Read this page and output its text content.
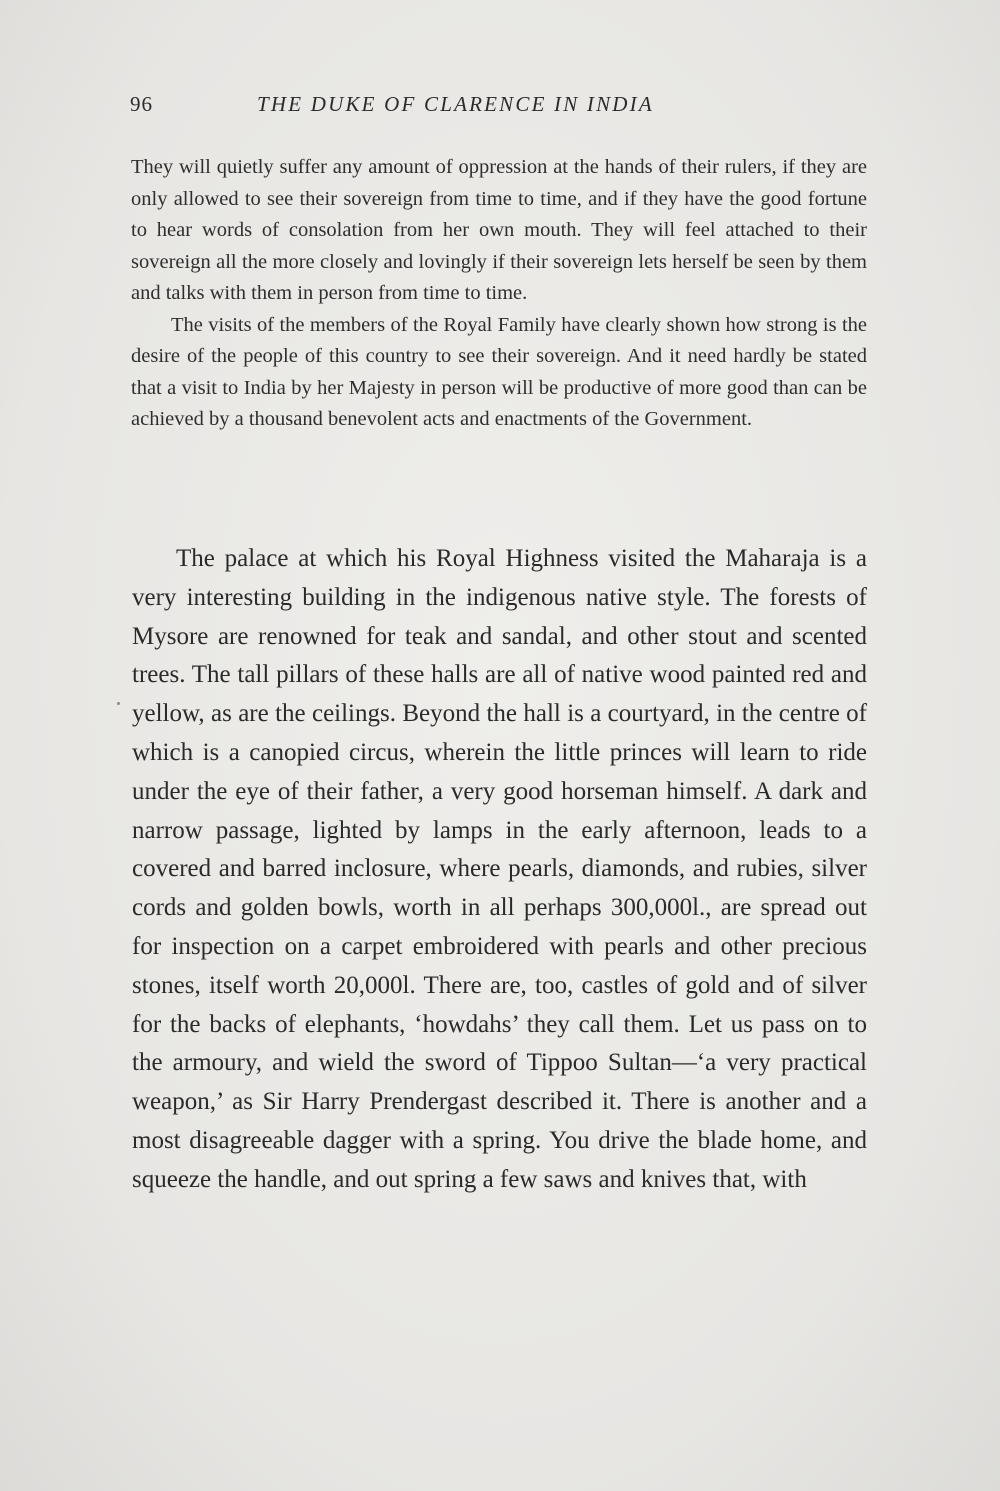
96	THE DUKE OF CLARENCE IN INDIA

They will quietly suffer any amount of oppression at the hands of their rulers, if they are only allowed to see their sovereign from time to time, and if they have the good fortune to hear words of consolation from her own mouth. They will feel attached to their sovereign all the more closely and lovingly if their sovereign lets herself be seen by them and talks with them in person from time to time.

The visits of the members of the Royal Family have clearly shown how strong is the desire of the people of this country to see their sovereign. And it need hardly be stated that a visit to India by her Majesty in person will be productive of more good than can be achieved by a thousand benevolent acts and enactments of the Government.

The palace at which his Royal Highness visited the Maharaja is a very interesting building in the indigenous native style. The forests of Mysore are renowned for teak and sandal, and other stout and scented trees. The tall pillars of these halls are all of native wood painted red and yellow, as are the ceilings. Beyond the hall is a courtyard, in the centre of which is a canopied circus, wherein the little princes will learn to ride under the eye of their father, a very good horseman himself. A dark and narrow passage, lighted by lamps in the early afternoon, leads to a covered and barred inclosure, where pearls, diamonds, and rubies, silver cords and golden bowls, worth in all perhaps 300,000l., are spread out for inspection on a carpet embroidered with pearls and other precious stones, itself worth 20,000l. There are, too, castles of gold and of silver for the backs of elephants, ‘howdahs’ they call them. Let us pass on to the armoury, and wield the sword of Tippoo Sultan—‘a very practical weapon,’ as Sir Harry Prendergast described it. There is another and a most disagreeable dagger with a spring. You drive the blade home, and squeeze the handle, and out spring a few saws and knives that, with
